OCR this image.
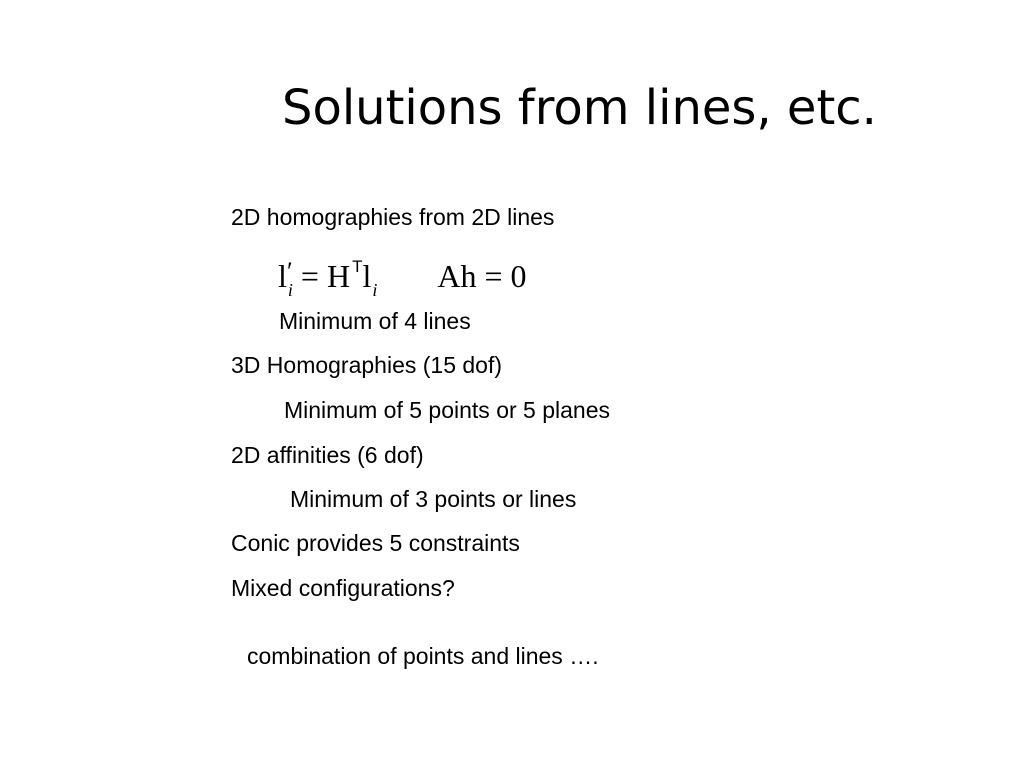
Solutions from lines, etc.
2D homographies from 2D lines
l ′
$_i$ = H $^Tl_i$ Ah = 0
Minimum of 4 lines
3D Homographies (15 dof)
Minimum of 5 points or 5 planes
2D affinities (6 dof)
Minimum of 3 points or lines
Conic provides 5 constraints
Mixed configurations?
combination of points and lines ….
